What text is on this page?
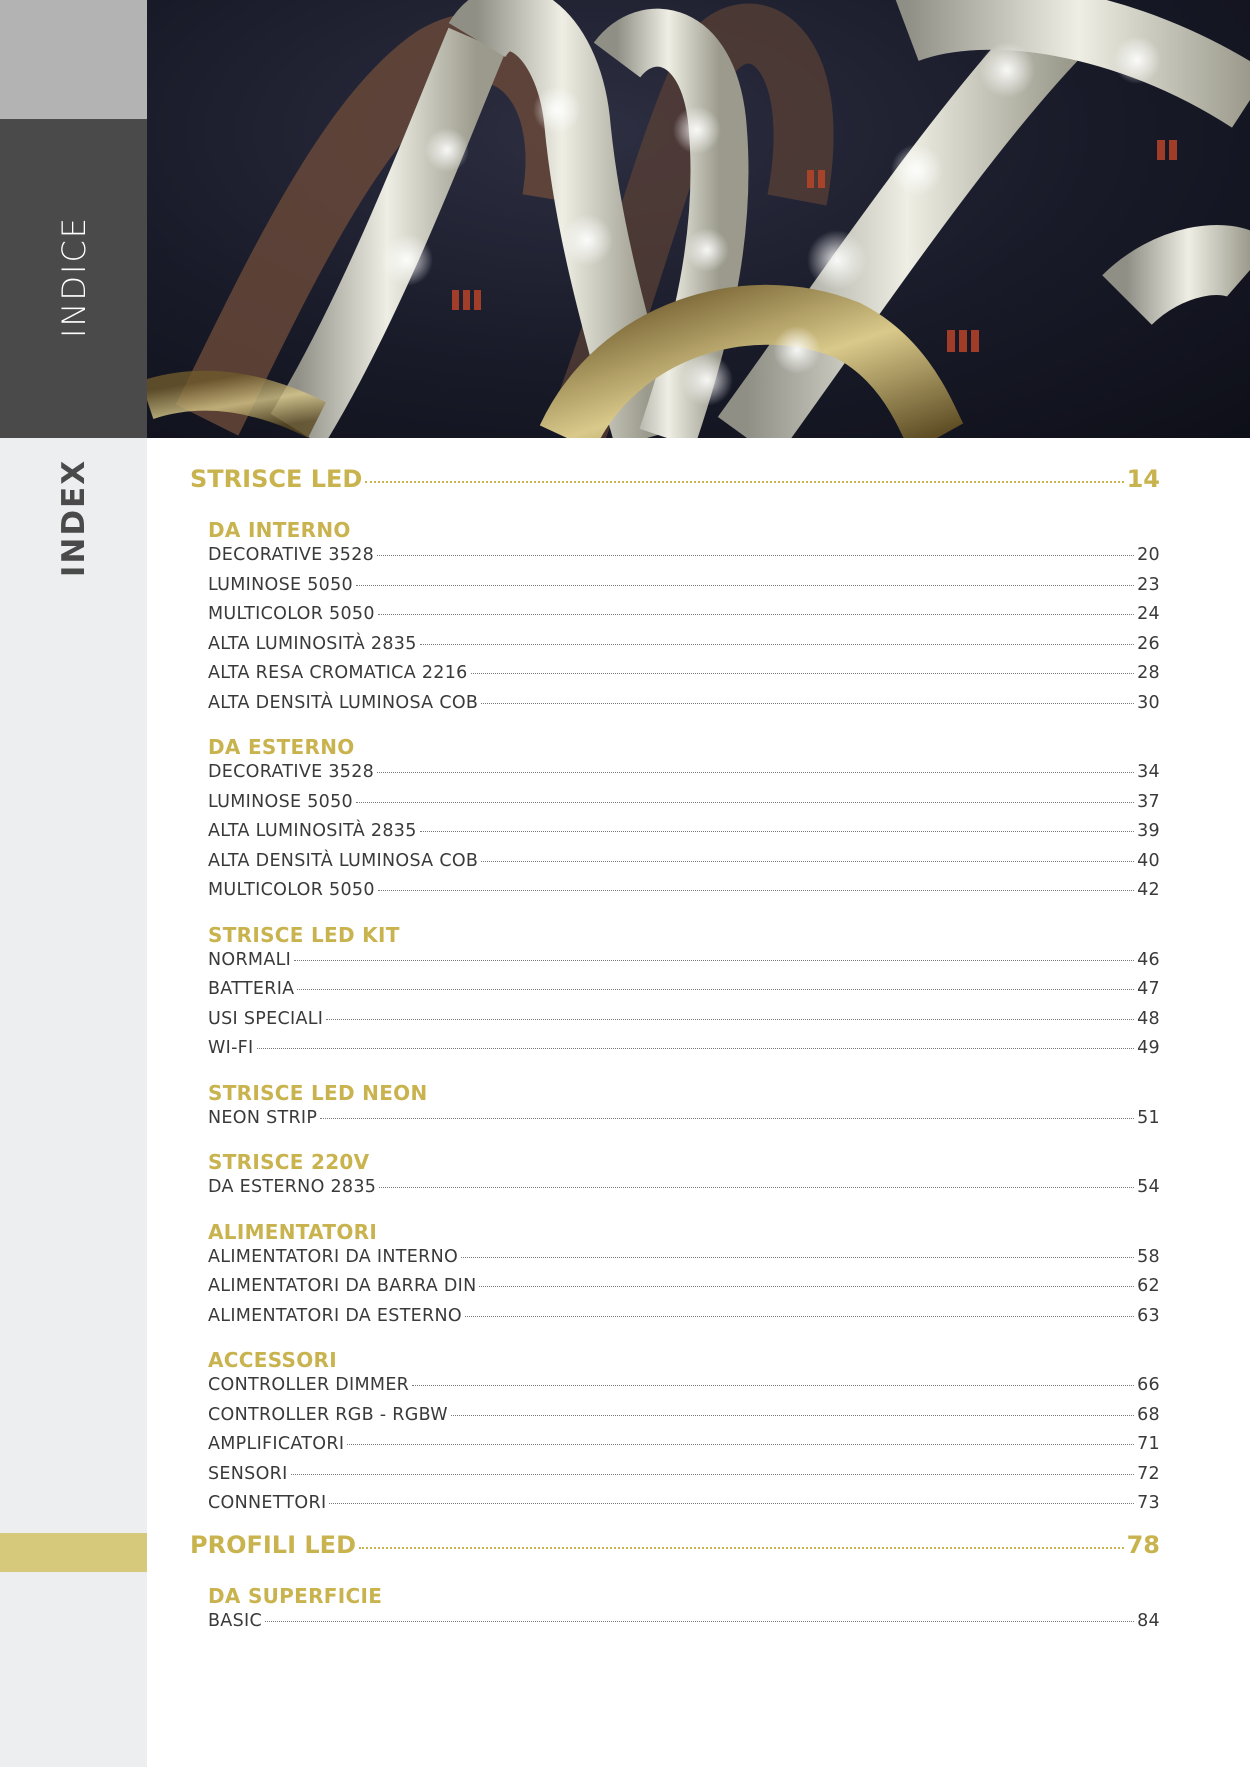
INDICE
INDEX	STRISCE LED	14
DA INTERNO
DECORATIVE 3528	20
LUMINOSE 5050	23
MULTICOLOR 5050	24
ALTA LUMINOSITÀ 2835	26
ALTA RESA CROMATICA 2216	28
ALTA DENSITÀ LUMINOSA COB	30
DA ESTERNO
DECORATIVE 3528	34
LUMINOSE 5050	37
ALTA LUMINOSITÀ 2835	39
ALTA DENSITÀ LUMINOSA COB	40
MULTICOLOR 5050	42
STRISCE LED KIT
NORMALI	46
BATTERIA	47
USI SPECIALI	48
WI-FI	49
STRISCE LED NEON
NEON STRIP	51
STRISCE 220V
DA ESTERNO 2835	54
ALIMENTATORI
ALIMENTATORI DA INTERNO	58
ALIMENTATORI DA BARRA DIN	62
ALIMENTATORI DA ESTERNO	63
ACCESSORI
CONTROLLER DIMMER	66
CONTROLLER RGB - RGBW	68
AMPLIFICATORI	71
SENSORI	72
CONNETTORI	73
PROFILI LED	78
DA SUPERFICIE
BASIC	84
